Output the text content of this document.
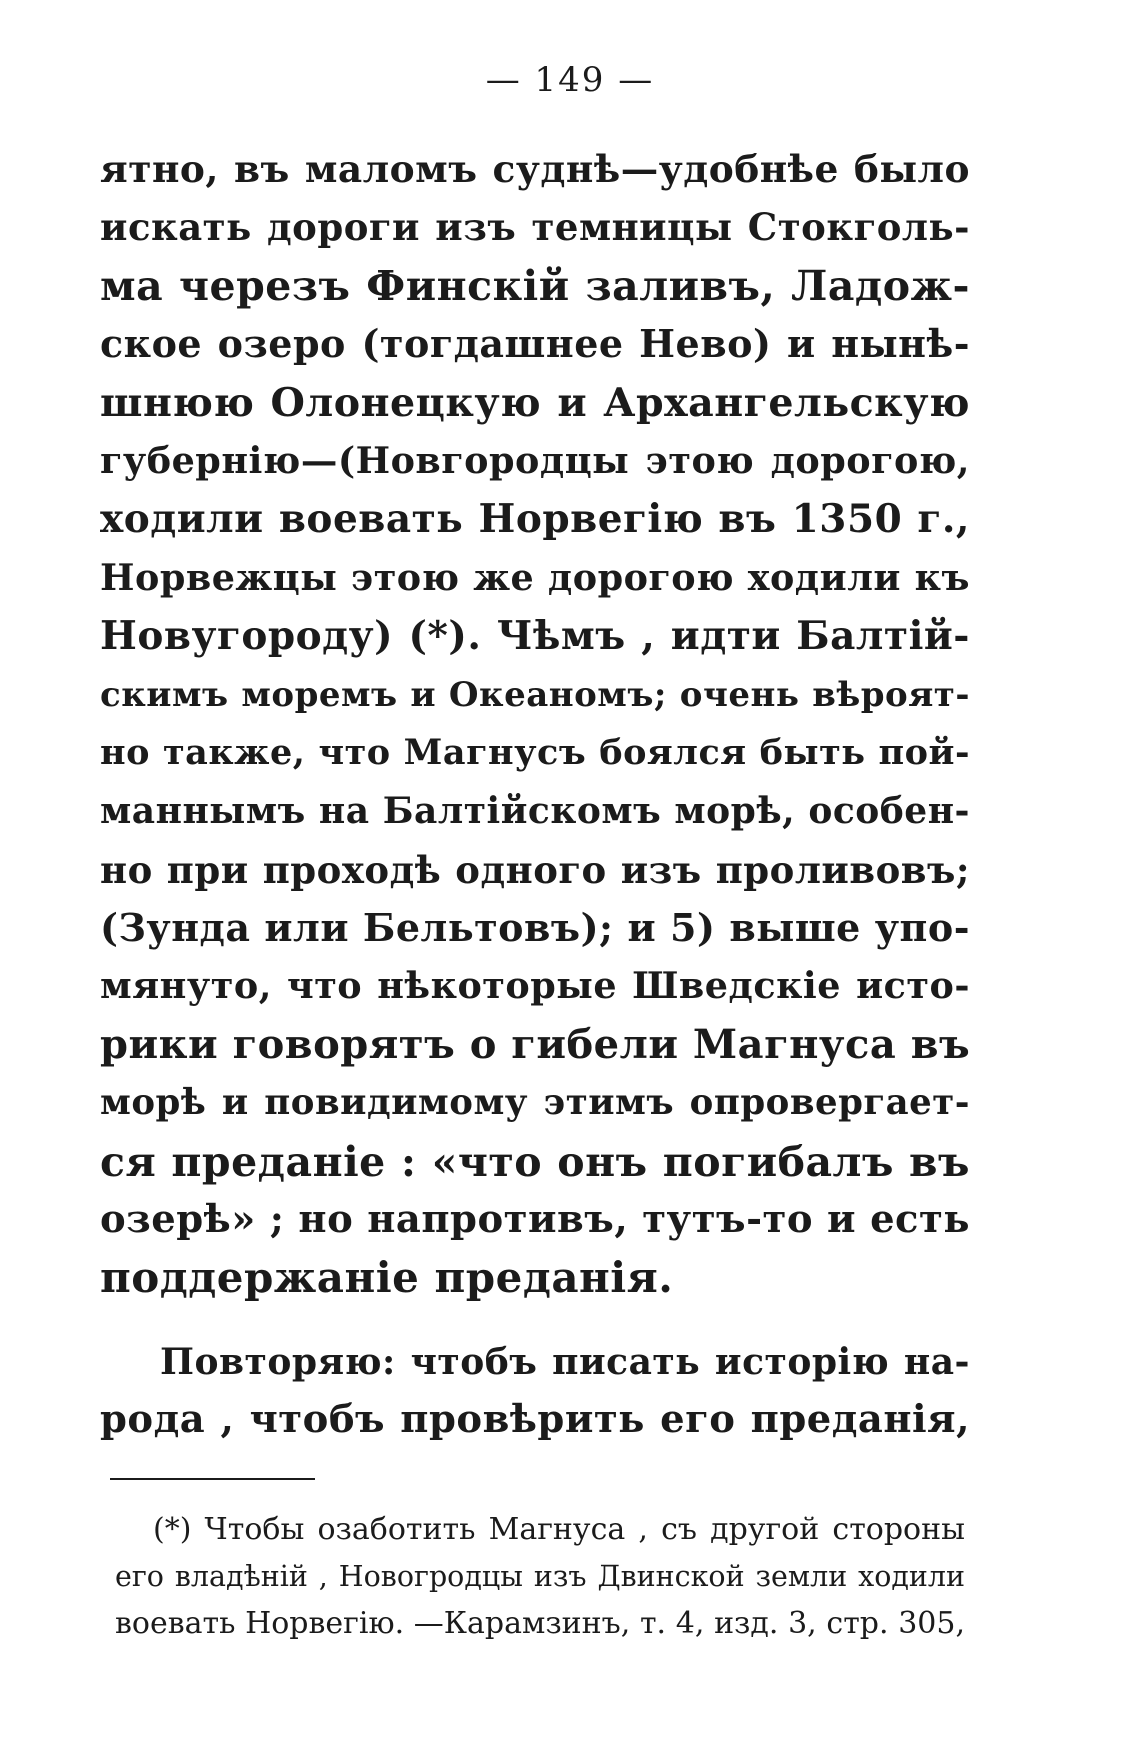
— 149 —
ятно, въ маломъ суднѣ—удобнѣе было
искать дороги изъ темницы Стокголь-
ма черезъ Финскій заливъ, Ладож-
ское озеро (тогдашнее Нево) и нынѣ-
шнюю Олонецкую и Архангельскую
губернію—(Новгородцы этою дорогою,
ходили воевать Норвегію въ 1350 г.,
Норвежцы этою же дорогою ходили къ
Новугороду) (*). Чѣмъ , идти Балтій-
скимъ моремъ и Океаномъ; очень вѣроят-
но также, что Магнусъ боялся быть пой-
маннымъ на Балтійскомъ морѣ, особен-
но при проходѣ одного изъ проливовъ;
(Зунда или Бельтовъ); и 5) выше упо-
мянуто, что нѣкоторые Шведскіе исто-
рики говорятъ о гибели Магнуса въ
морѣ и повидимому этимъ опровергает-
ся преданіе : «что онъ погибалъ въ
озерѣ» ; но напротивъ, тутъ-то и есть
поддержаніе преданія.
Повторяю: чтобъ писать исторію на-
рода , чтобъ провѣрить его преданія,
(*) Чтобы озаботить Магнуса , съ другой стороны
его владѣній , Новогродцы изъ Двинской земли ходили
воевать Норвегію. —Карамзинъ, т. 4, изд. 3, стр. 305,
